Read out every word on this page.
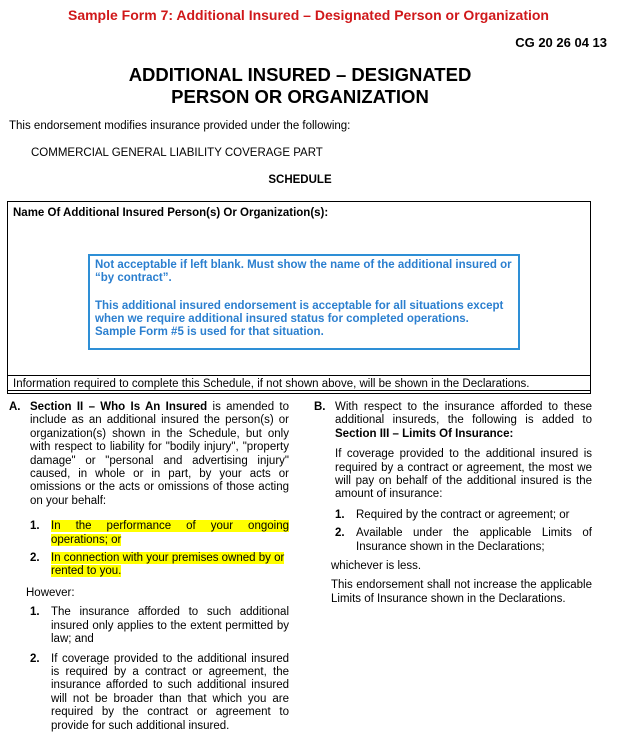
Sample Form 7: Additional Insured – Designated Person or Organization
CG 20 26 04 13
ADDITIONAL INSURED – DESIGNATED
PERSON OR ORGANIZATION
This endorsement modifies insurance provided under the following:
COMMERCIAL GENERAL LIABILITY COVERAGE PART
SCHEDULE
Name Of Additional Insured Person(s) Or Organization(s):

Not acceptable if left blank. Must show the name of the additional insured or “by contract”.

This additional insured endorsement is acceptable for all situations except when we require additional insured status for completed operations. Sample Form #5 is used for that situation.

Information required to complete this Schedule, if not shown above, will be shown in the Declarations.
A. Section II – Who Is An Insured is amended to include as an additional insured the person(s) or organization(s) shown in the Schedule, but only with respect to liability for "bodily injury", "property damage" or "personal and advertising injury" caused, in whole or in part, by your acts or omissions or the acts or omissions of those acting on your behalf:

1. In the performance of your ongoing operations; or

2. In connection with your premises owned by or rented to you.

However:

1. The insurance afforded to such additional insured only applies to the extent permitted by law; and

2. If coverage provided to the additional insured is required by a contract or agreement, the insurance afforded to such additional insured will not be broader than that which you are required by the contract or agreement to provide for such additional insured.

B. With respect to the insurance afforded to these additional insureds, the following is added to Section III – Limits Of Insurance:

If coverage provided to the additional insured is required by a contract or agreement, the most we will pay on behalf of the additional insured is the amount of insurance:

1. Required by the contract or agreement; or

2. Available under the applicable Limits of Insurance shown in the Declarations;

whichever is less.

This endorsement shall not increase the applicable Limits of Insurance shown in the Declarations.
